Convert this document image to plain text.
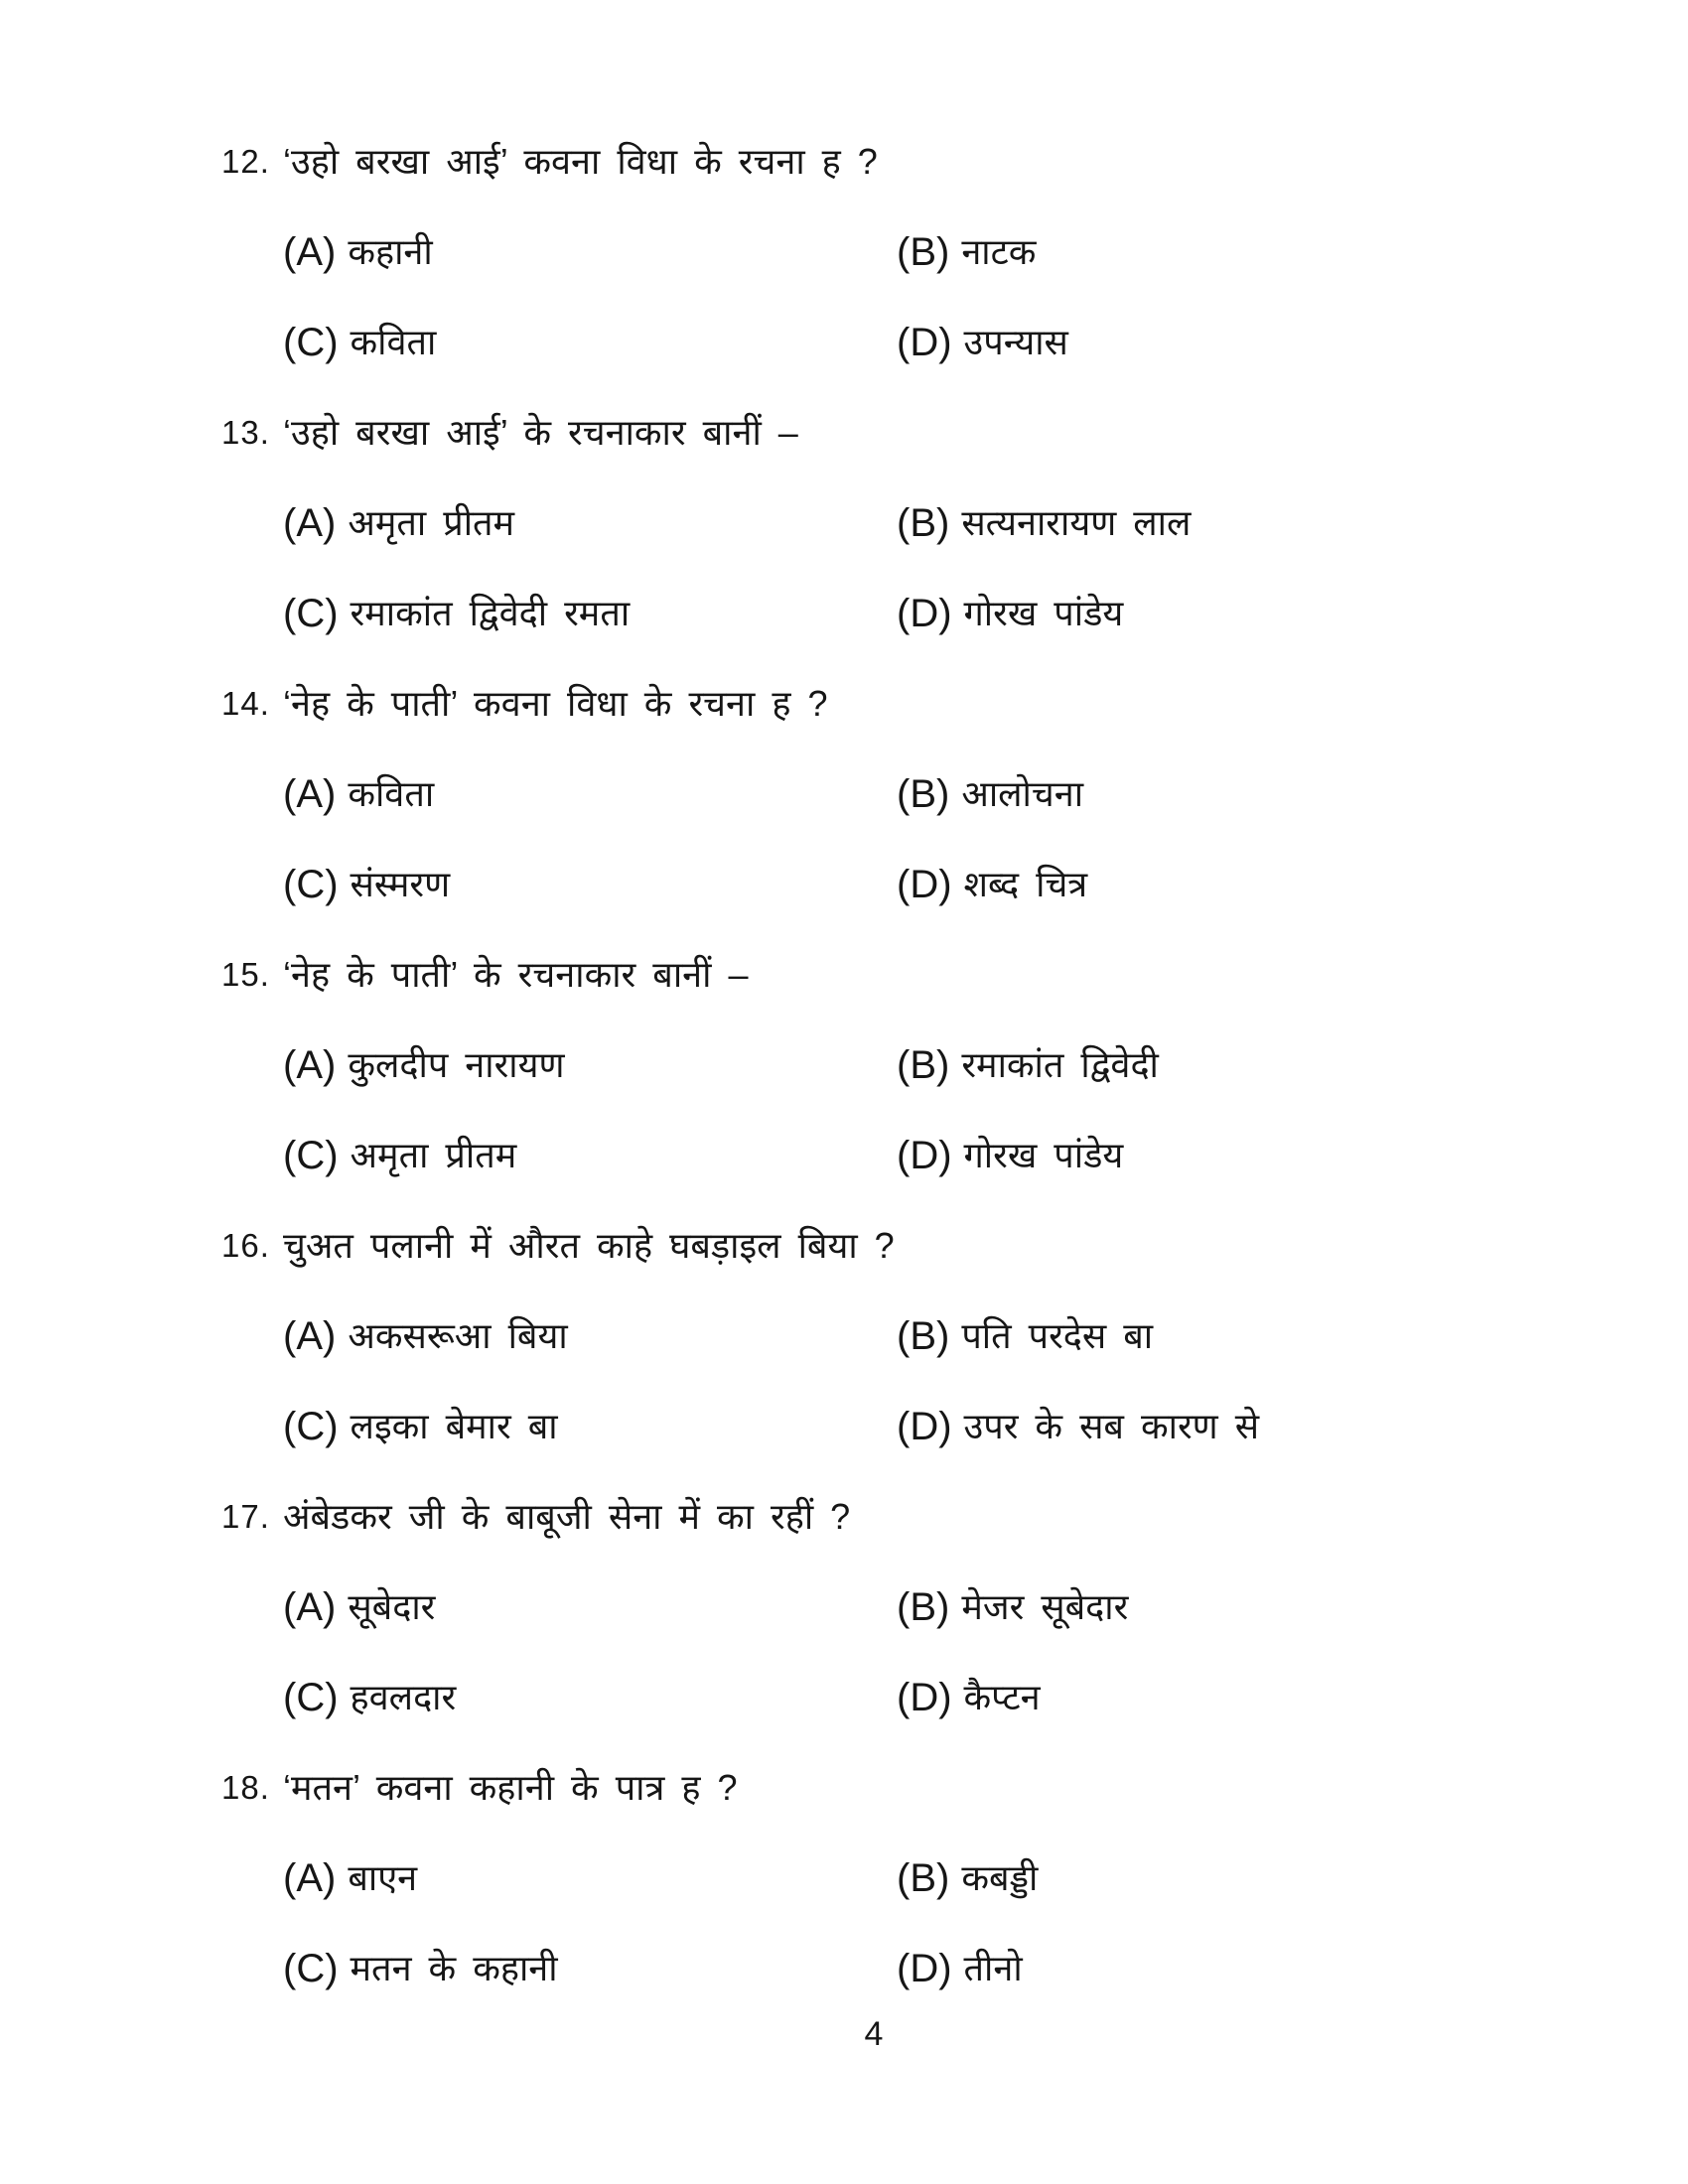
12. ‘उहो बरखा आई’ कवना विधा के रचना ह ?
(A) कहानी	(B) नाटक
(C) कविता	(D) उपन्यास
13. ‘उहो बरखा आई’ के रचनाकार बानीं –
(A) अमृता प्रीतम	(B) सत्यनारायण लाल
(C) रमाकांत द्विवेदी रमता	(D) गोरख पांडेय
14. ‘नेह के पाती’ कवना विधा के रचना ह ?
(A) कविता	(B) आलोचना
(C) संस्मरण	(D) शब्द चित्र
15. ‘नेह के पाती’ के रचनाकार बानीं –
(A) कुलदीप नारायण	(B) रमाकांत द्विवेदी
(C) अमृता प्रीतम	(D) गोरख पांडेय
16. चुअत पलानी में औरत काहे घबड़ाइल बिया ?
(A) अकसरूआ बिया	(B) पति परदेस बा
(C) लइका बेमार बा	(D) उपर के सब कारण से
17. अंबेडकर जी के बाबूजी सेना में का रहीं ?
(A) सूबेदार	(B) मेजर सूबेदार
(C) हवलदार	(D) कैप्टन
18. ‘मतन’ कवना कहानी के पात्र ह ?
(A) बाएन	(B) कबड्डी
(C) मतन के कहानी	(D) तीनो
4
